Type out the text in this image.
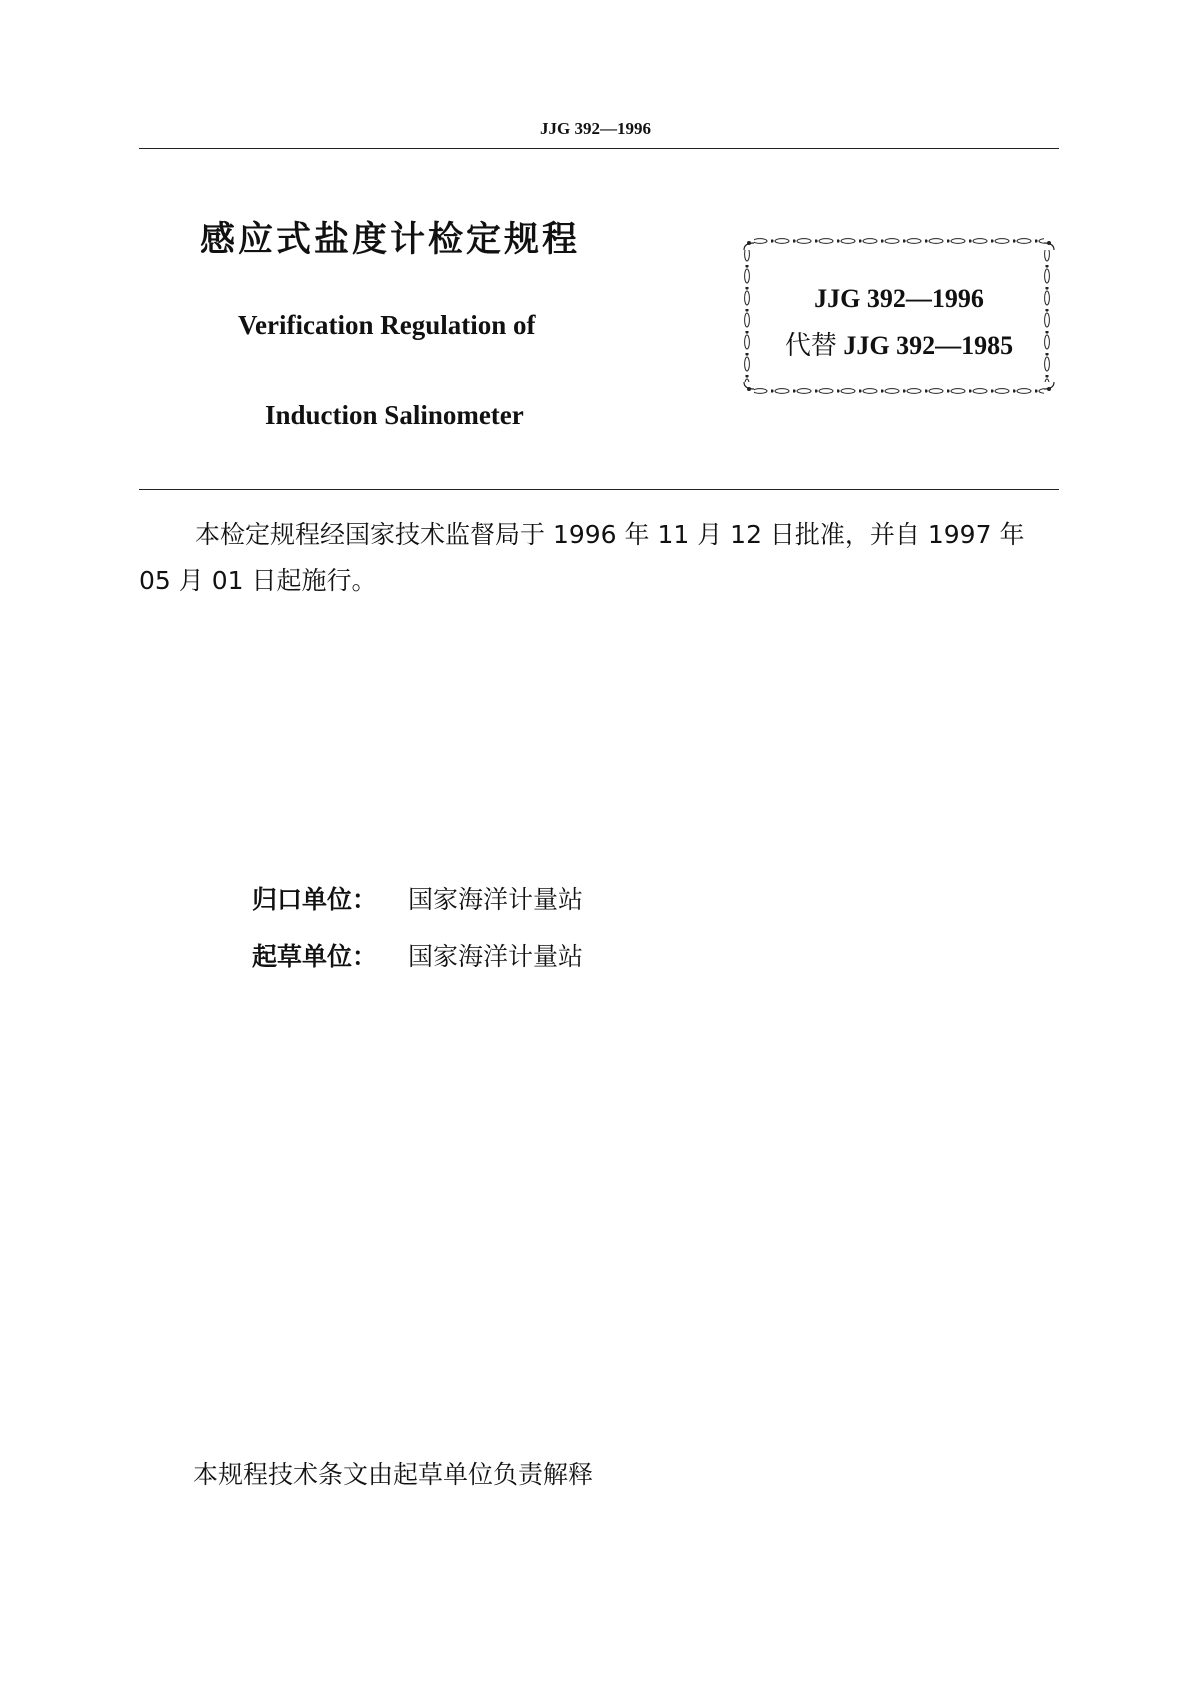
JJG 392—1996
感应式盐度计检定规程
Verification Regulation of
Induction Salinometer
JJG 392—1996
代替 JJG 392—1985
本检定规程经国家技术监督局于 1996 年 11 月 12 日批准，并自 1997 年 05 月 01 日起施行。
归口单位： 国家海洋计量站
起草单位： 国家海洋计量站
本规程技术条文由起草单位负责解释
